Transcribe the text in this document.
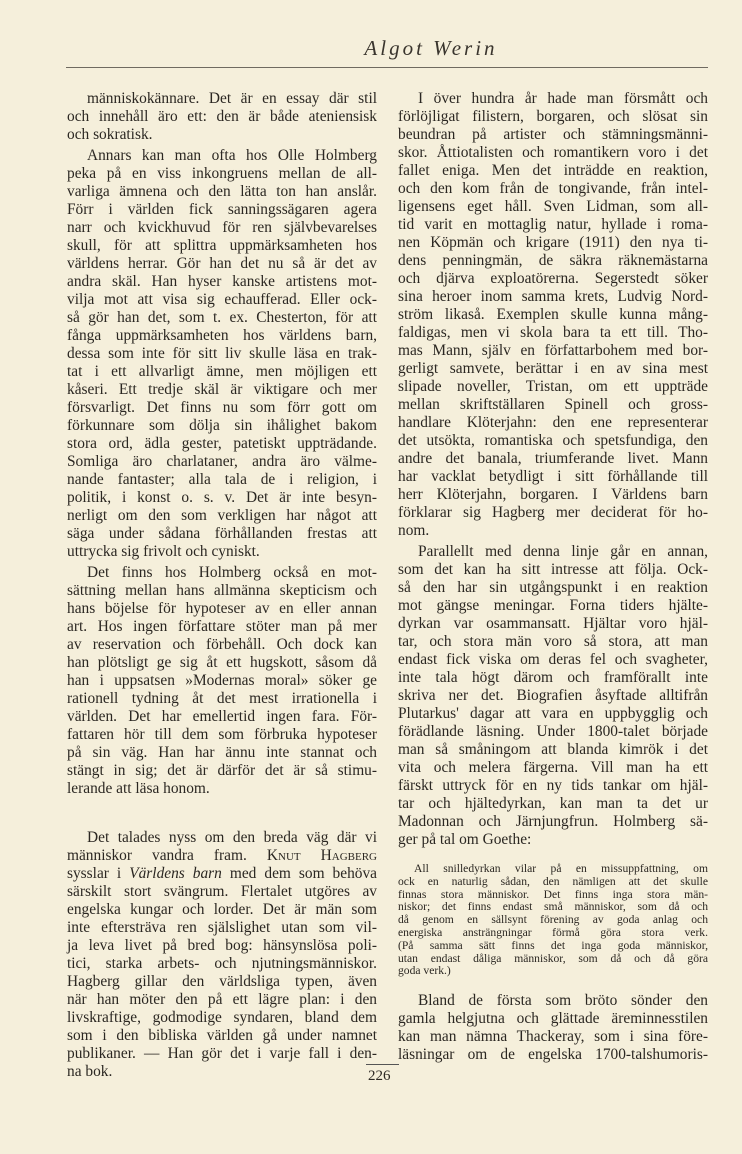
Algot Werin
människokännare. Det är en essay där stil
och innehåll äro ett: den är både ateniensisk
och sokratisk.
Annars kan man ofta hos Olle Holmberg
peka på en viss inkongruens mellan de all-
varliga ämnena och den lätta ton han anslår.
Förr i världen fick sanningssägaren agera
narr och kvickhuvud för ren självbevarelses
skull, för att splittra uppmärksamheten hos
världens herrar. Gör han det nu så är det av
andra skäl. Han hyser kanske artistens mot-
vilja mot att visa sig echaufferad. Eller ock-
så gör han det, som t. ex. Chesterton, för att
fånga uppmärksamheten hos världens barn,
dessa som inte för sitt liv skulle läsa en trak-
tat i ett allvarligt ämne, men möjligen ett
kåseri. Ett tredje skäl är viktigare och mer
försvarligt. Det finns nu som förr gott om
förkunnare som dölja sin ihålighet bakom
stora ord, ädla gester, patetiskt uppträdande.
Somliga äro charlataner, andra äro välme-
nande fantaster; alla tala de i religion, i
politik, i konst o. s. v. Det är inte besyn-
nerligt om den som verkligen har något att
säga under sådana förhållanden frestas att
uttrycka sig frivolt och cyniskt.
Det finns hos Holmberg också en mot-
sättning mellan hans allmänna skepticism och
hans böjelse för hypoteser av en eller annan
art. Hos ingen författare stöter man på mer
av reservation och förbehåll. Och dock kan
han plötsligt ge sig åt ett hugskott, såsom då
han i uppsatsen »Modernas moral» söker ge
rationell tydning åt det mest irrationella i
världen. Det har emellertid ingen fara. För-
fattaren hör till dem som förbruka hypoteser
på sin väg. Han har ännu inte stannat och
stängt in sig; det är därför det är så stimu-
lerande att läsa honom.
Det talades nyss om den breda väg där vi
människor vandra fram. Knut Hagberg
sysslar i Världens barn med dem som behöva
särskilt stort svängrum. Flertalet utgöres av
engelska kungar och lorder. Det är män som
inte eftersträva ren själslighet utan som vil-
ja leva livet på bred bog: hänsynslösa poli-
tici, starka arbets- och njutningsmänniskor.
Hagberg gillar den världsliga typen, även
när han möter den på ett lägre plan: i den
livskraftige, godmodige syndaren, bland dem
som i den bibliska världen gå under namnet
publikaner. — Han gör det i varje fall i den-
na bok.
I över hundra år hade man försmått och
förlöjligat filistern, borgaren, och slösat sin
beundran på artister och stämningsmänni-
skor. Åttiotalisten och romantikern voro i det
fallet eniga. Men det inträdde en reaktion,
och den kom från de tongivande, från intel-
ligensens eget håll. Sven Lidman, som all-
tid varit en mottaglig natur, hyllade i roma-
nen Köpmän och krigare (1911) den nya ti-
dens penningmän, de säkra räknemästarna
och djärva exploatörerna. Segerstedt söker
sina heroer inom samma krets, Ludvig Nord-
ström likaså. Exemplen skulle kunna mång-
faldigas, men vi skola bara ta ett till. Tho-
mas Mann, själv en författarbohem med bor-
gerligt samvete, berättar i en av sina mest
slipade noveller, Tristan, om ett uppträde
mellan skriftställaren Spinell och gross-
handlare Klöterjahn: den ene representerar
det utsökta, romantiska och spetsfundiga, den
andre det banala, triumferande livet. Mann
har vacklat betydligt i sitt förhållande till
herr Klöterjahn, borgaren. I Världens barn
förklarar sig Hagberg mer deciderat för ho-
nom.
Parallellt med denna linje går en annan,
som det kan ha sitt intresse att följa. Ock-
så den har sin utgångspunkt i en reaktion
mot gängse meningar. Forna tiders hjälte-
dyrkan var osammansatt. Hjältar voro hjäl-
tar, och stora män voro så stora, att man
endast fick viska om deras fel och svagheter,
inte tala högt därom och framförallt inte
skriva ner det. Biografien åsyftade alltifrån
Plutarkus' dagar att vara en uppbygglig och
förädlande läsning. Under 1800-talet började
man så småningom att blanda kimrök i det
vita och melera färgerna. Vill man ha ett
färskt uttryck för en ny tids tankar om hjäl-
tar och hjältedyrkan, kan man ta det ur
Madonnan och Järnjungfrun. Holmberg sä-
ger på tal om Goethe:
All snilledyrkan vilar på en missuppfattning, om
ock en naturlig sådan, den nämligen att det skulle
finnas stora människor. Det finns inga stora män-
niskor; det finns endast små människor, som då och
då genom en sällsynt förening av goda anlag och
energiska ansträngningar förmå göra stora verk.
(På samma sätt finns det inga goda människor,
utan endast dåliga människor, som då och då göra
goda verk.)
Bland de första som bröto sönder den
gamla helgjutna och glättade äreminnesstilen
kan man nämna Thackeray, som i sina före-
läsningar om de engelska 1700-talshumoris-
226
